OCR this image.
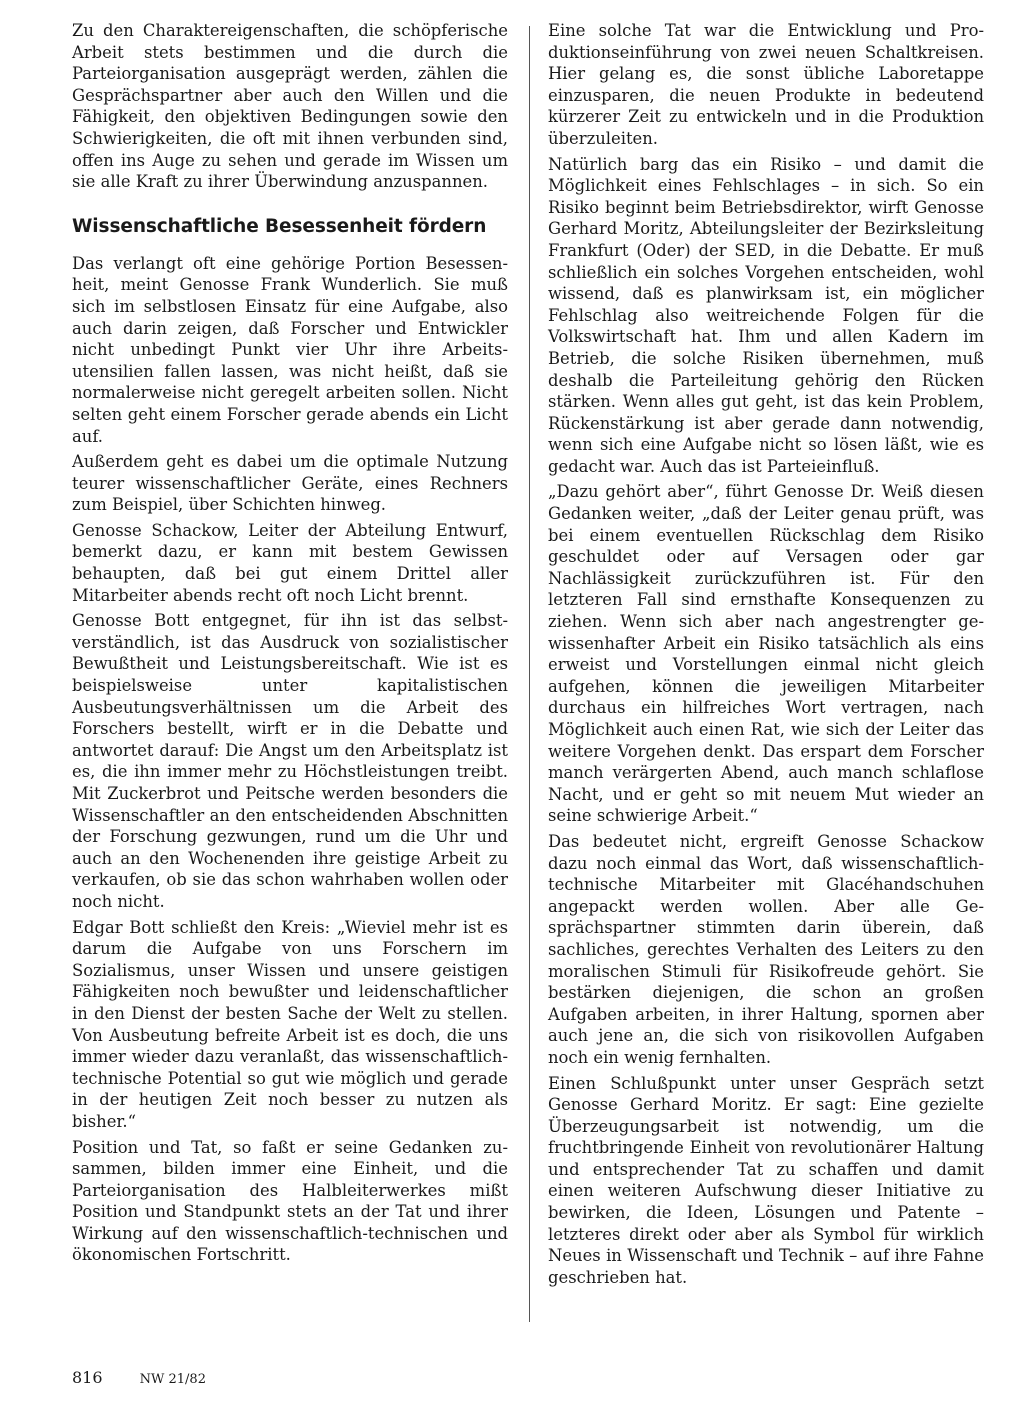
Zu den Charaktereigenschaften, die schöpferische Arbeit stets bestimmen und die durch die Parteiorganisation ausgeprägt werden, zählen die Gesprächspartner aber auch den Willen und die Fähigkeit, den objektiven Bedingungen sowie den Schwierigkeiten, die oft mit ihnen verbunden sind, offen ins Auge zu sehen und gerade im Wissen um sie alle Kraft zu ihrer Überwindung anzuspannen.

Wissenschaftliche Besessenheit fördern

Das verlangt oft eine gehörige Portion Besessenheit, meint Genosse Frank Wunderlich. Sie muß sich im selbstlosen Einsatz für eine Aufgabe, also auch darin zeigen, daß Forscher und Entwickler nicht unbedingt Punkt vier Uhr ihre Arbeitsutensilien fallen lassen, was nicht heißt, daß sie normalerweise nicht geregelt arbeiten sollen. Nicht selten geht einem Forscher gerade abends ein Licht auf.

Außerdem geht es dabei um die optimale Nutzung teurer wissenschaftlicher Geräte, eines Rechners zum Beispiel, über Schichten hinweg.

Genosse Schackow, Leiter der Abteilung Entwurf, bemerkt dazu, er kann mit bestem Gewissen behaupten, daß bei gut einem Drittel aller Mitarbeiter abends recht oft noch Licht brennt.

Genosse Bott entgegnet, für ihn ist das selbstverständlich, ist das Ausdruck von sozialistischer Bewußtheit und Leistungsbereitschaft. Wie ist es beispielsweise unter kapitalistischen Ausbeutungsverhältnissen um die Arbeit des Forschers bestellt, wirft er in die Debatte und antwortet darauf: Die Angst um den Arbeitsplatz ist es, die ihn immer mehr zu Höchstleistungen treibt. Mit Zuckerbrot und Peitsche werden besonders die Wissenschaftler an den entscheidenden Abschnitten der Forschung gezwungen, rund um die Uhr und auch an den Wochenenden ihre geistige Arbeit zu verkaufen, ob sie das schon wahrhaben wollen oder noch nicht.

Edgar Bott schließt den Kreis: „Wieviel mehr ist es darum die Aufgabe von uns Forschern im Sozialismus, unser Wissen und unsere geistigen Fähigkeiten noch bewußter und leidenschaftlicher in den Dienst der besten Sache der Welt zu stellen. Von Ausbeutung befreite Arbeit ist es doch, die uns immer wieder dazu veranlaßt, das wissenschaftlich-technische Potential so gut wie möglich und gerade in der heutigen Zeit noch besser zu nutzen als bisher.“

Position und Tat, so faßt er seine Gedanken zusammen, bilden immer eine Einheit, und die Parteiorganisation des Halbleiterwerkes mißt Position und Standpunkt stets an der Tat und ihrer Wirkung auf den wissenschaftlich-technischen und ökonomischen Fortschritt.

Eine solche Tat war die Entwicklung und Produktionseinführung von zwei neuen Schaltkreisen. Hier gelang es, die sonst übliche Laboretappe einzusparen, die neuen Produkte in bedeutend kürzerer Zeit zu entwickeln und in die Produktion überzuleiten.

Natürlich barg das ein Risiko – und damit die Möglichkeit eines Fehlschlages – in sich. So ein Risiko beginnt beim Betriebsdirektor, wirft Genosse Gerhard Moritz, Abteilungsleiter der Bezirksleitung Frankfurt (Oder) der SED, in die Debatte. Er muß schließlich ein solches Vorgehen entscheiden, wohl wissend, daß es planwirksam ist, ein möglicher Fehlschlag also weitreichende Folgen für die Volkswirtschaft hat. Ihm und allen Kadern im Betrieb, die solche Risiken übernehmen, muß deshalb die Parteileitung gehörig den Rücken stärken. Wenn alles gut geht, ist das kein Problem, Rückenstärkung ist aber gerade dann notwendig, wenn sich eine Aufgabe nicht so lösen läßt, wie es gedacht war. Auch das ist Parteieinfluß.

„Dazu gehört aber“, führt Genosse Dr. Weiß diesen Gedanken weiter, „daß der Leiter genau prüft, was bei einem eventuellen Rückschlag dem Risiko geschuldet oder auf Versagen oder gar Nachlässigkeit zurückzuführen ist. Für den letzteren Fall sind ernsthafte Konsequenzen zu ziehen. Wenn sich aber nach angestrengter gewissenhafter Arbeit ein Risiko tatsächlich als eins erweist und Vorstellungen einmal nicht gleich aufgehen, können die jeweiligen Mitarbeiter durchaus ein hilfreiches Wort vertragen, nach Möglichkeit auch einen Rat, wie sich der Leiter das weitere Vorgehen denkt. Das erspart dem Forscher manch verärgerten Abend, auch manch schlaflose Nacht, und er geht so mit neuem Mut wieder an seine schwierige Arbeit.“

Das bedeutet nicht, ergreift Genosse Schackow dazu noch einmal das Wort, daß wissenschaftlich-technische Mitarbeiter mit Glacéhandschuhen angepackt werden wollen. Aber alle Gesprächspartner stimmten darin überein, daß sachliches, gerechtes Verhalten des Leiters zu den moralischen Stimuli für Risikofreude gehört. Sie bestärken diejenigen, die schon an großen Aufgaben arbeiten, in ihrer Haltung, spornen aber auch jene an, die sich von risikovollen Aufgaben noch ein wenig fernhalten.

Einen Schlußpunkt unter unser Gespräch setzt Genosse Gerhard Moritz. Er sagt: Eine gezielte Überzeugungsarbeit ist notwendig, um die fruchtbringende Einheit von revolutionärer Haltung und entsprechender Tat zu schaffen und damit einen weiteren Aufschwung dieser Initiative zu bewirken, die Ideen, Lösungen und Patente – letzteres direkt oder aber als Symbol für wirklich Neues in Wissenschaft und Technik – auf ihre Fahne geschrieben hat.

816	NW 21/82
